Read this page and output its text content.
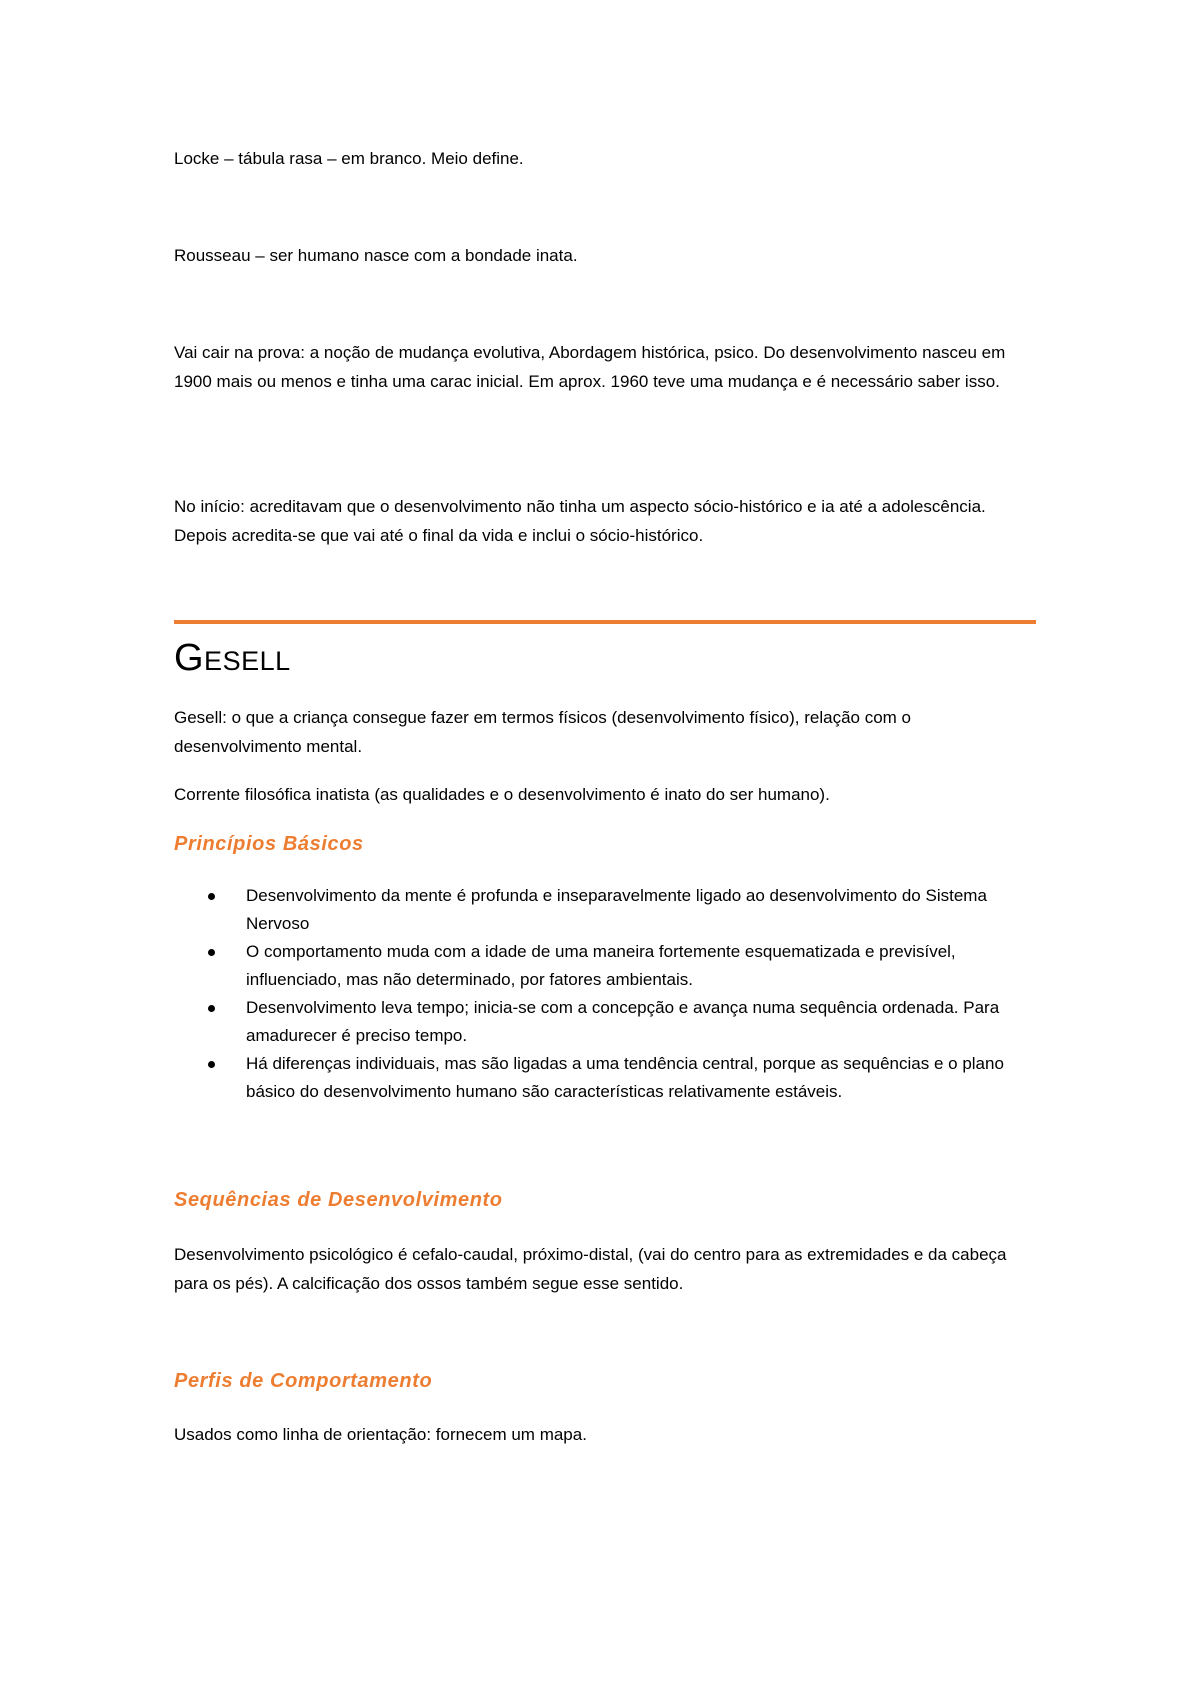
Locke – tábula rasa – em branco. Meio define.

Rousseau – ser humano nasce com a bondade inata.

Vai cair na prova: a noção de mudança evolutiva, Abordagem histórica, psico. Do desenvolvimento nasceu em 1900 mais ou menos e tinha uma carac inicial. Em aprox. 1960 teve uma mudança e é necessário saber isso.

No início: acreditavam que o desenvolvimento não tinha um aspecto sócio-histórico e ia até a adolescência. Depois acredita-se que vai até o final da vida e inclui o sócio-histórico.

Gesell

Gesell: o que a criança consegue fazer em termos físicos (desenvolvimento físico), relação com o desenvolvimento mental.

Corrente filosófica inatista (as qualidades e o desenvolvimento é inato do ser humano).

Princípios Básicos
Desenvolvimento da mente é profunda e inseparavelmente ligado ao desenvolvimento do Sistema Nervoso
O comportamento muda com a idade de uma maneira fortemente esquematizada e previsível, influenciado, mas não determinado, por fatores ambientais.
Desenvolvimento leva tempo; inicia-se com a concepção e avança numa sequência ordenada. Para amadurecer é preciso tempo.
Há diferenças individuais, mas são ligadas a uma tendência central, porque as sequências e o plano básico do desenvolvimento humano são características relativamente estáveis.
Sequências de Desenvolvimento

Desenvolvimento psicológico é cefalo-caudal, próximo-distal, (vai do centro para as extremidades e da cabeça para os pés). A calcificação dos ossos também segue esse sentido.

Perfis de Comportamento

Usados como linha de orientação: fornecem um mapa.
